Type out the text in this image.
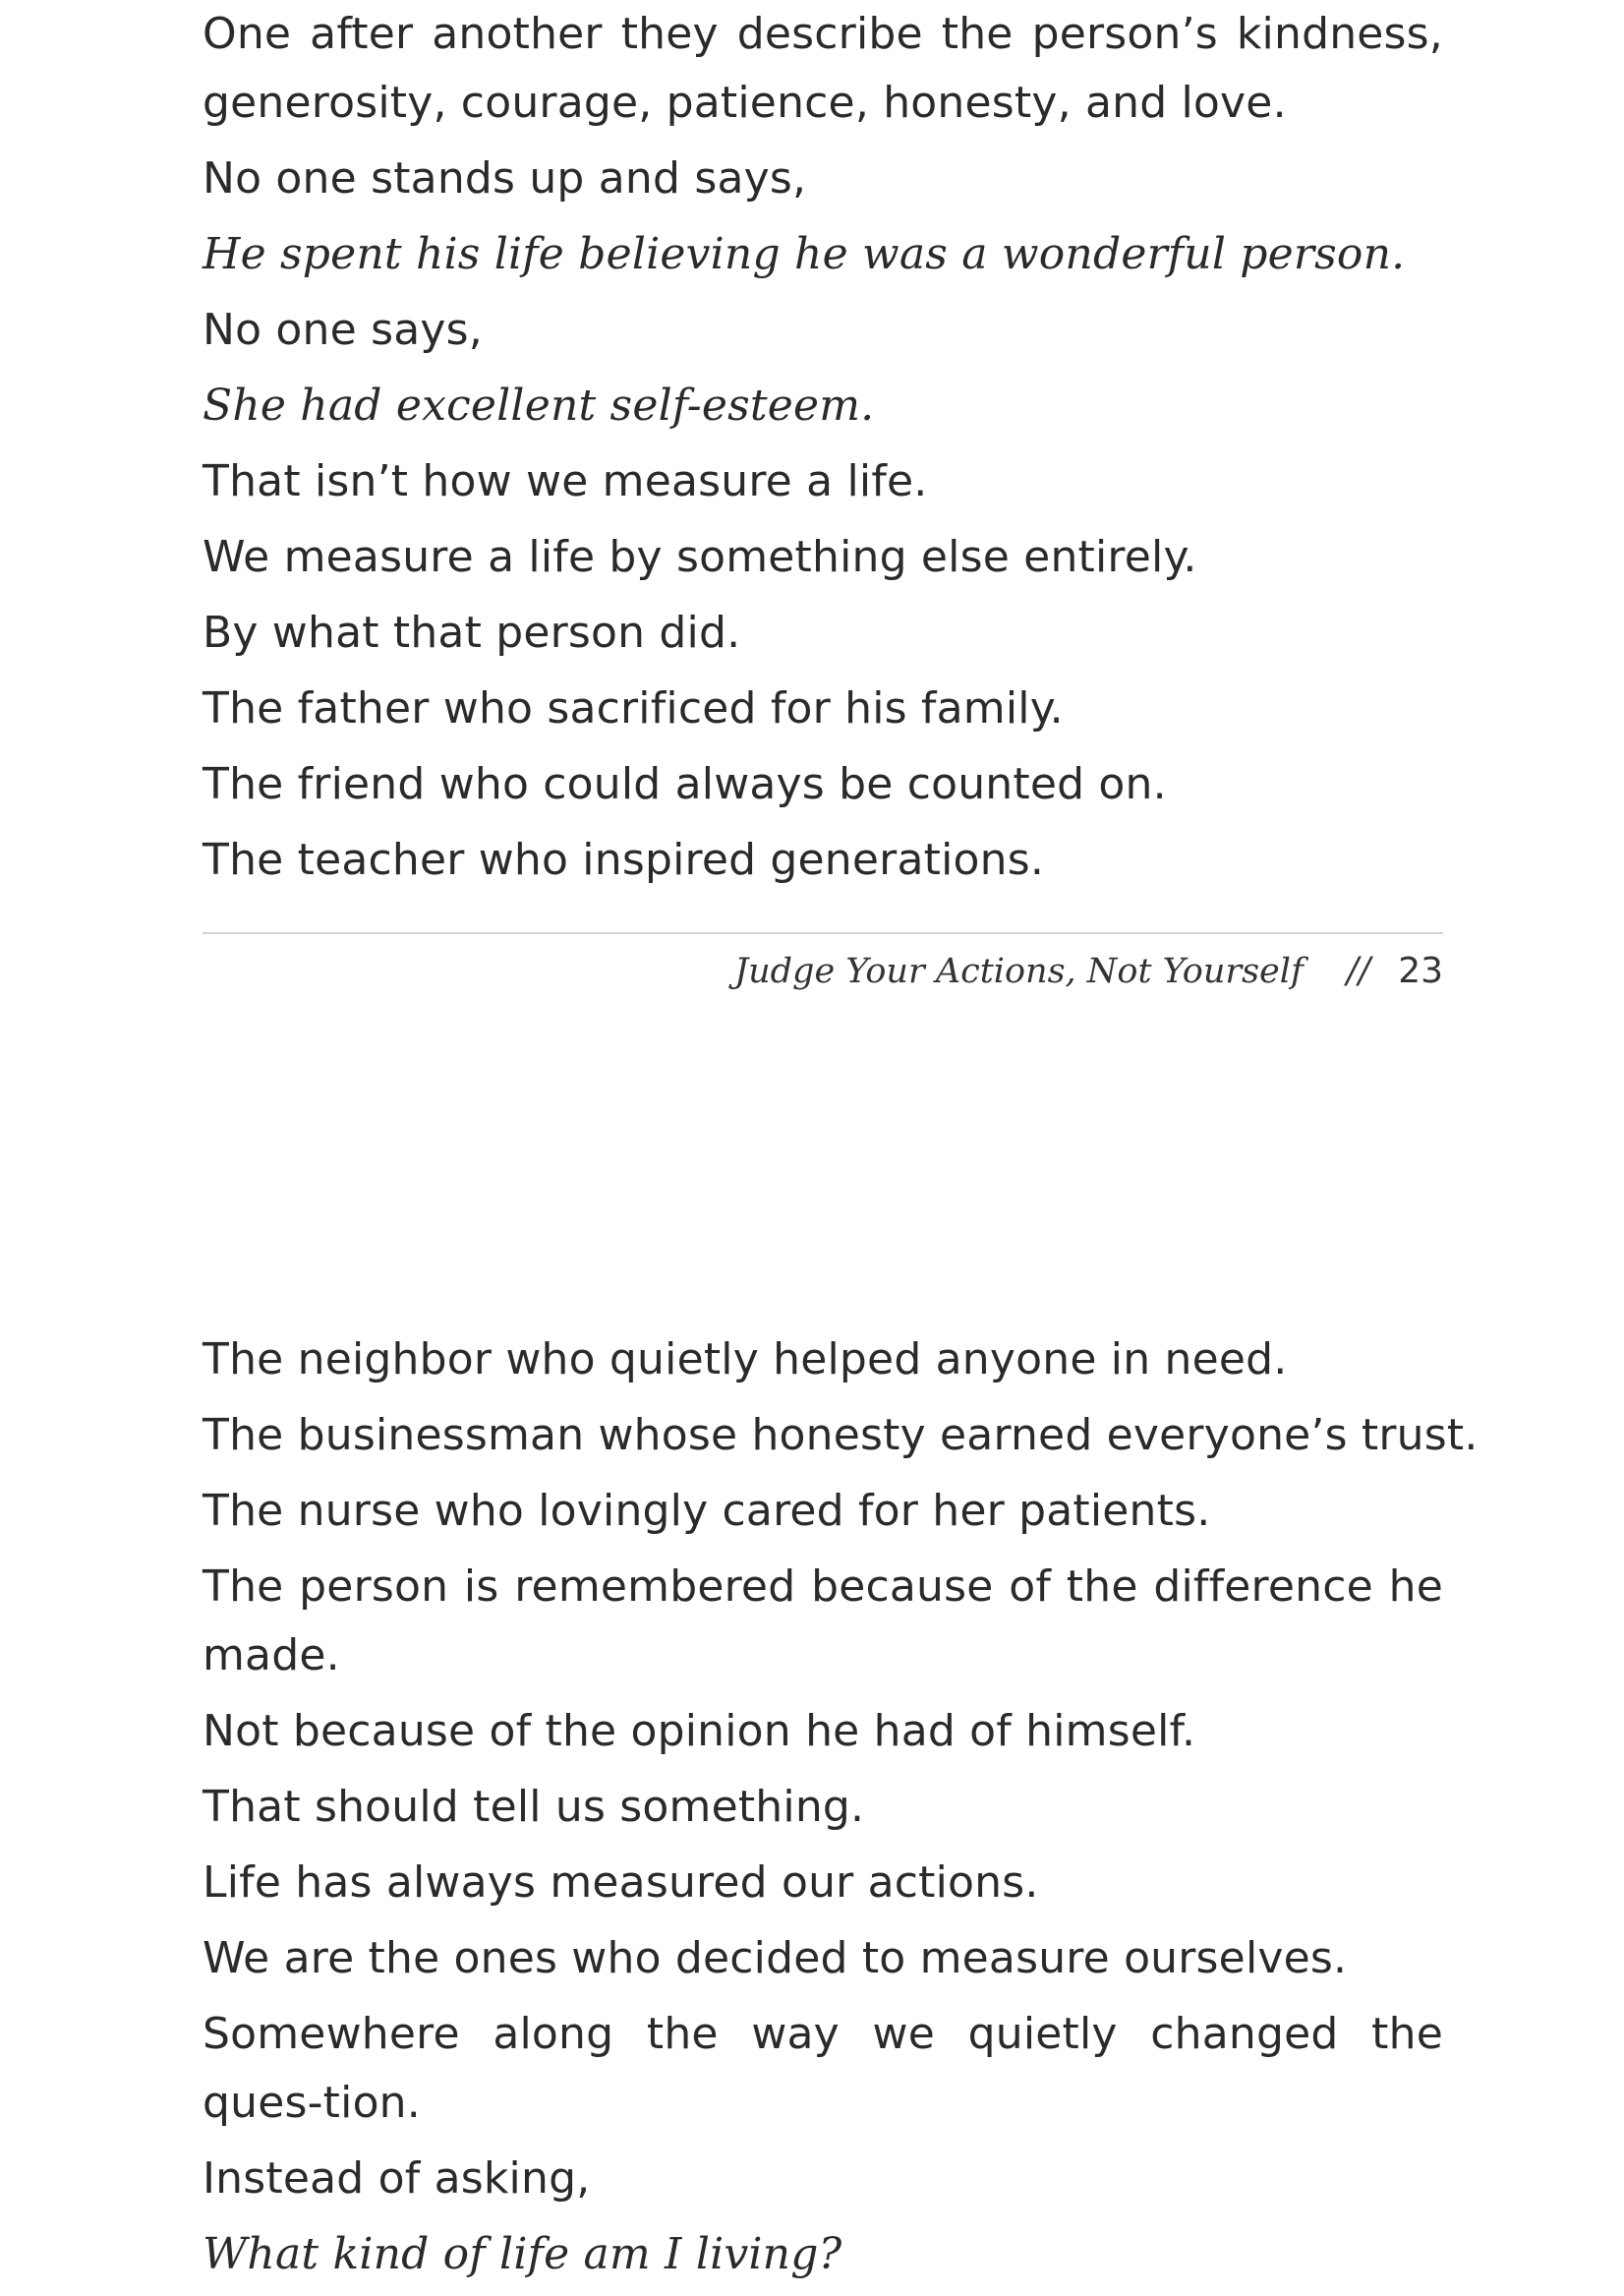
One after another they describe the person’s kindness, generosity, courage, patience, honesty, and love.

No one stands up and says,

He spent his life believing he was a wonderful person.

No one says,

She had excellent self-esteem.

That isn’t how we measure a life.

We measure a life by something else entirely.

By what that person did.

The father who sacrificed for his family.

The friend who could always be counted on.

The teacher who inspired generations.

Judge Your Actions, Not Yourself // 23

The neighbor who quietly helped anyone in need.

The businessman whose honesty earned everyone’s trust.

The nurse who lovingly cared for her patients.

The person is remembered because of the difference he made.

Not because of the opinion he had of himself.

That should tell us something.

Life has always measured our actions.

We are the ones who decided to measure ourselves.

Somewhere along the way we quietly changed the ques-tion.

Instead of asking,

What kind of life am I living?
